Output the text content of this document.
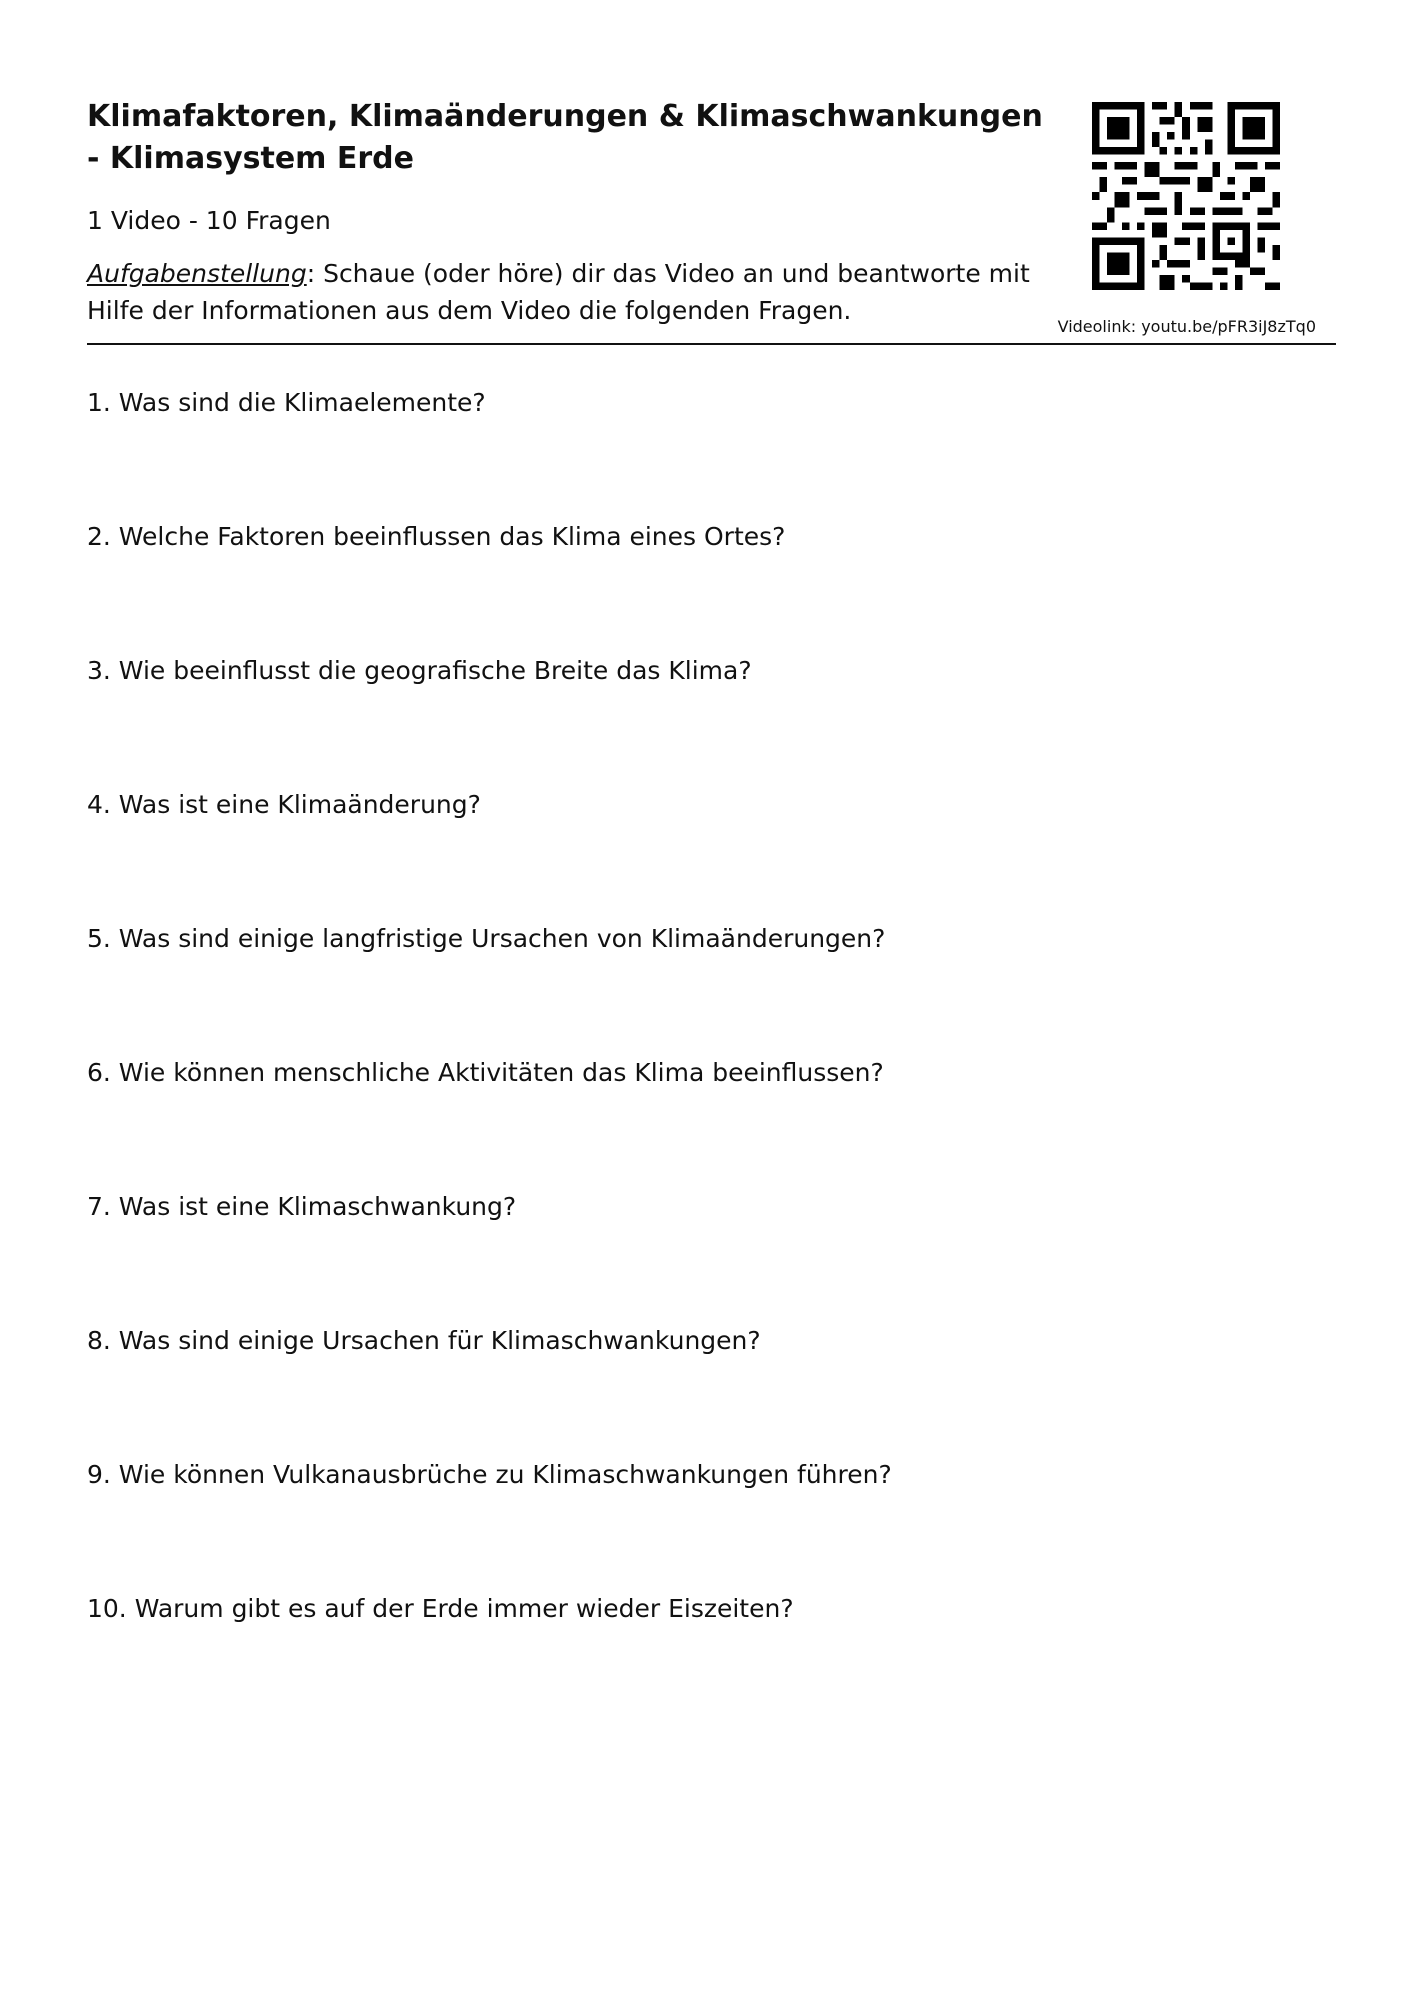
Klimafaktoren, Klimaänderungen & Klimaschwankungen - Klimasystem Erde

1 Video - 10 Fragen

Aufgabenstellung: Schaue (oder höre) dir das Video an und beantworte mit Hilfe der Informationen aus dem Video die folgenden Fragen.

Videolink: youtu.be/pFR3iJ8zTq0

1. Was sind die Klimaelemente?
2. Welche Faktoren beeinflussen das Klima eines Ortes?
3. Wie beeinflusst die geografische Breite das Klima?
4. Was ist eine Klimaänderung?
5. Was sind einige langfristige Ursachen von Klimaänderungen?
6. Wie können menschliche Aktivitäten das Klima beeinflussen?
7. Was ist eine Klimaschwankung?
8. Was sind einige Ursachen für Klimaschwankungen?
9. Wie können Vulkanausbrüche zu Klimaschwankungen führen?
10. Warum gibt es auf der Erde immer wieder Eiszeiten?
